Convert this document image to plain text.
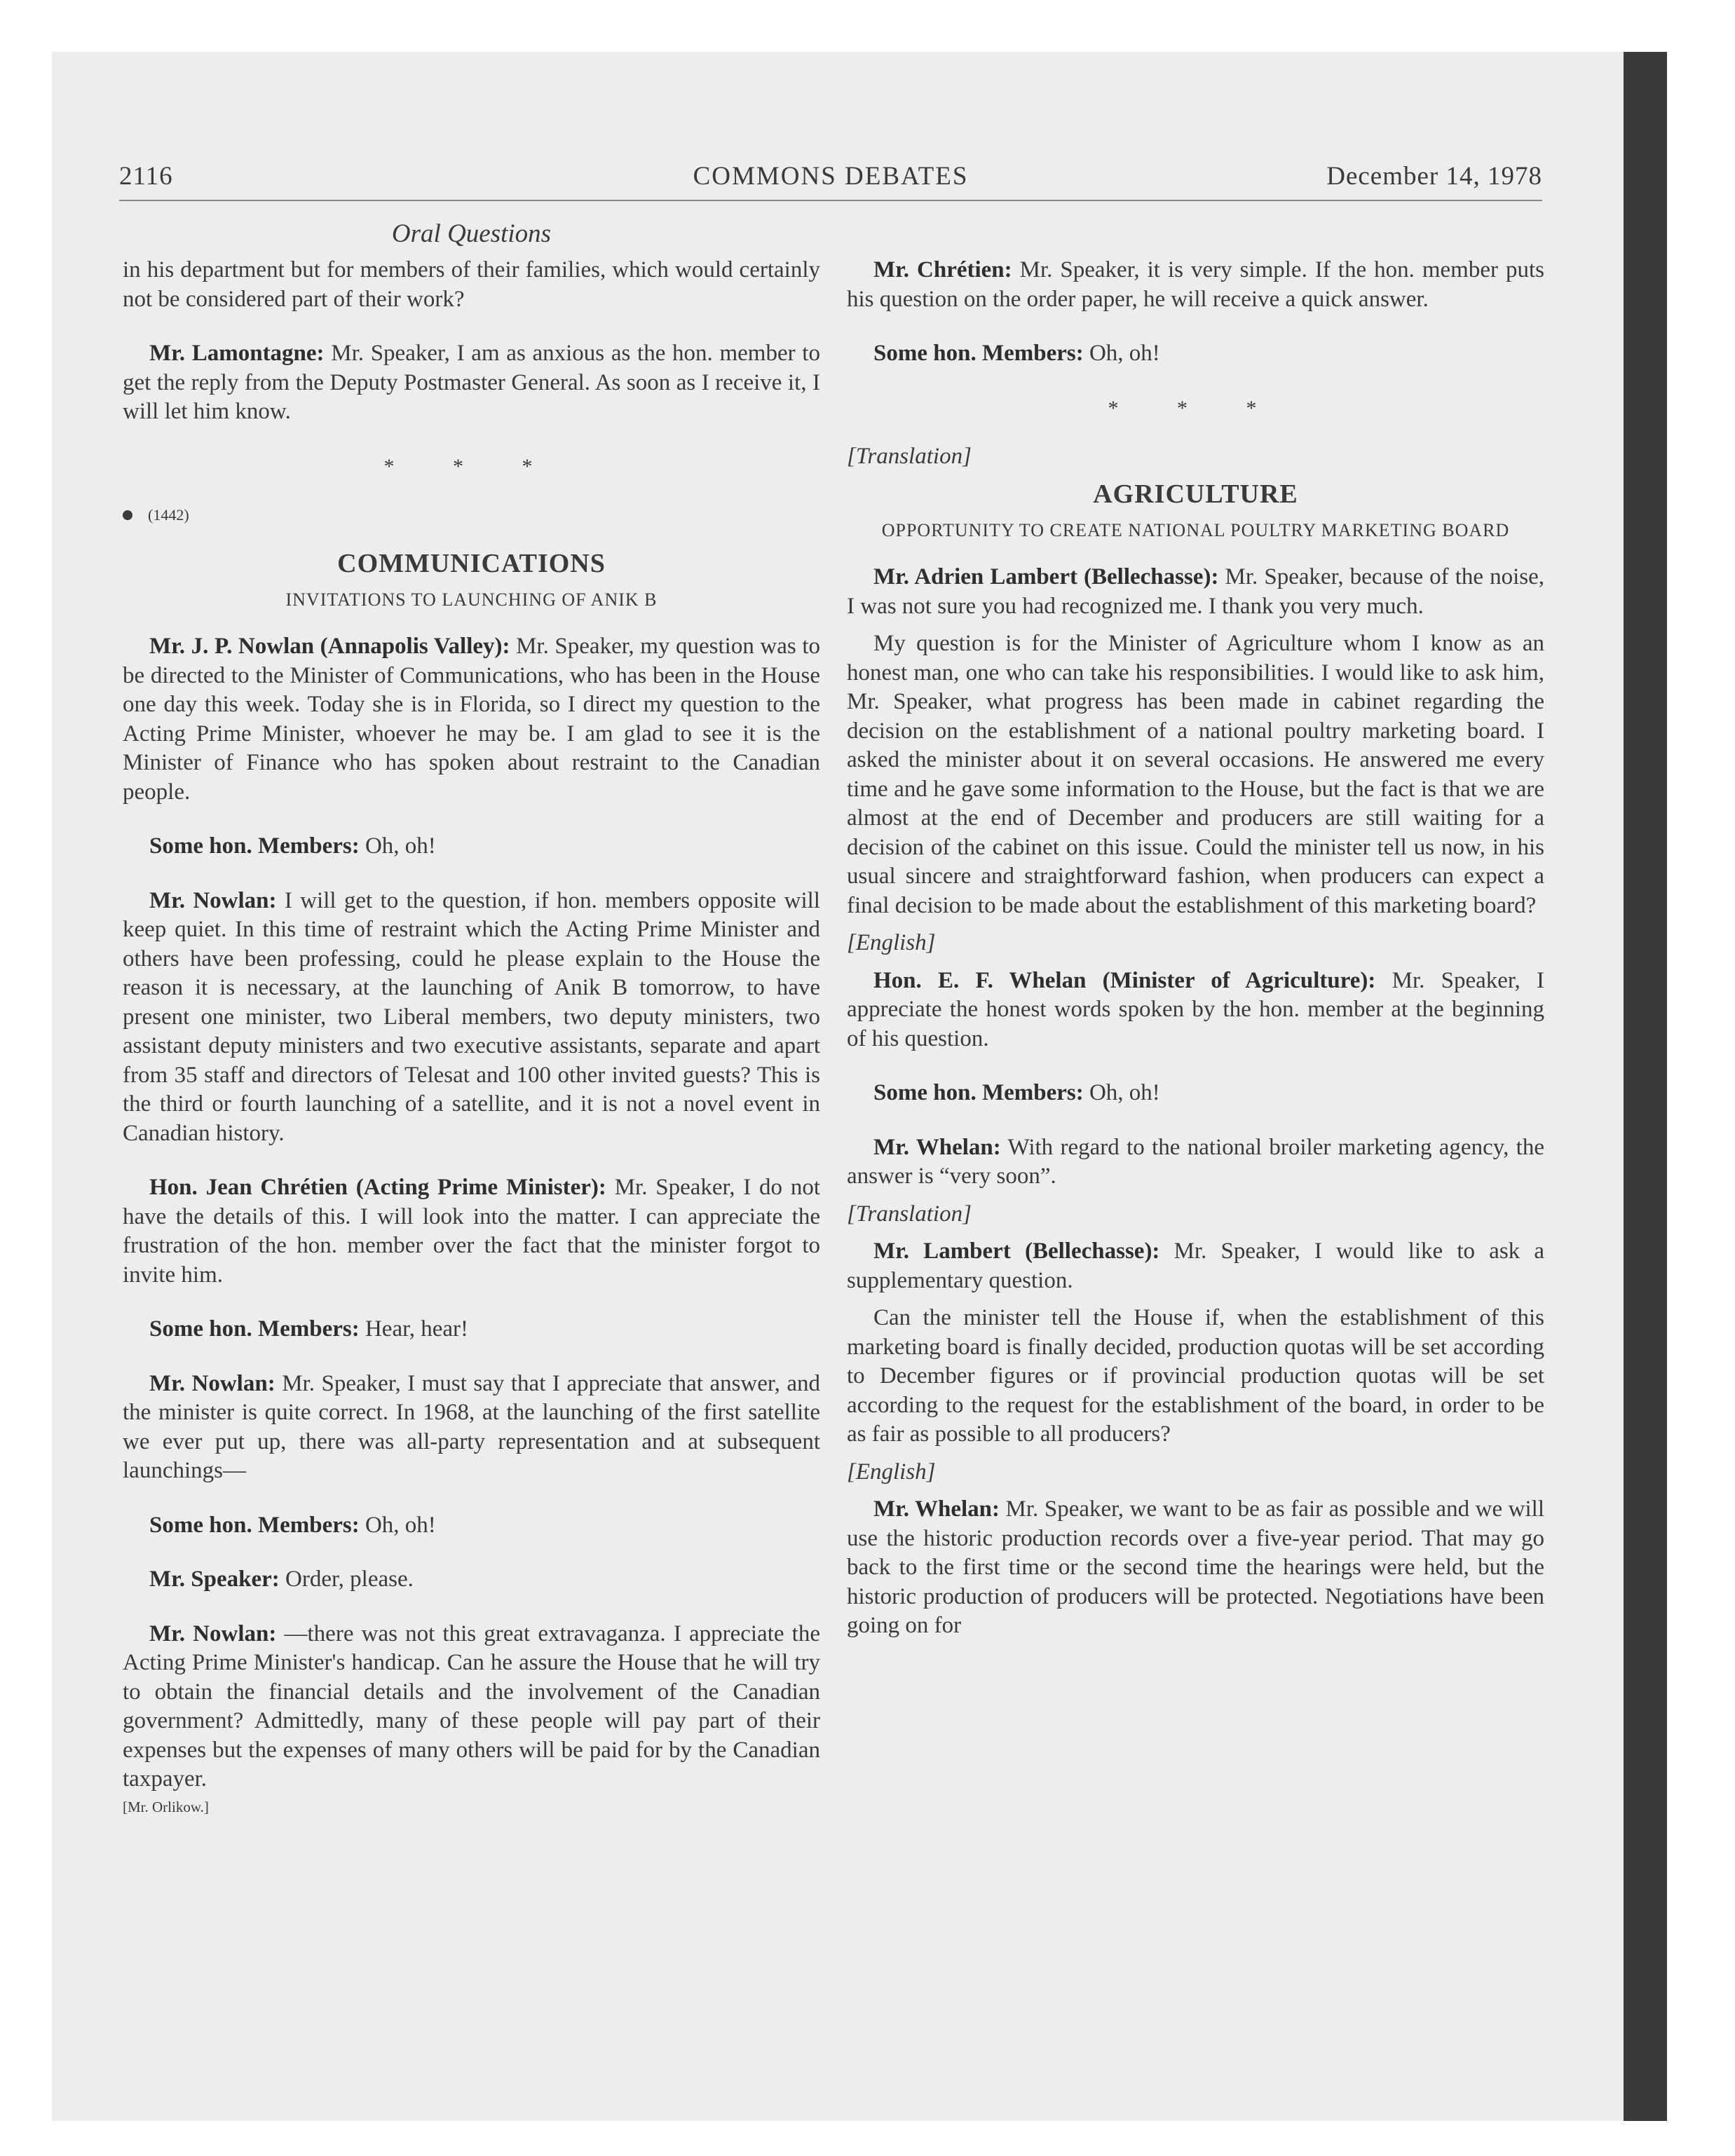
2116	COMMONS DEBATES	December 14, 1978
Oral Questions

in his department but for members of their families, which would certainly not be considered part of their work?

Mr. Lamontagne: Mr. Speaker, I am as anxious as the hon. member to get the reply from the Deputy Postmaster General. As soon as I receive it, I will let him know.

* * *
(1442)
COMMUNICATIONS
INVITATIONS TO LAUNCHING OF ANIK B

Mr. J. P. Nowlan (Annapolis Valley): Mr. Speaker, my question was to be directed to the Minister of Communications, who has been in the House one day this week. Today she is in Florida, so I direct my question to the Acting Prime Minister, whoever he may be. I am glad to see it is the Minister of Finance who has spoken about restraint to the Canadian people.

Some hon. Members: Oh, oh!

Mr. Nowlan: I will get to the question, if hon. members opposite will keep quiet. In this time of restraint which the Acting Prime Minister and others have been professing, could he please explain to the House the reason it is necessary, at the launching of Anik B tomorrow, to have present one minister, two Liberal members, two deputy ministers, two assistant deputy ministers and two executive assistants, separate and apart from 35 staff and directors of Telesat and 100 other invited guests? This is the third or fourth launching of a satellite, and it is not a novel event in Canadian history.

Hon. Jean Chrétien (Acting Prime Minister): Mr. Speaker, I do not have the details of this. I will look into the matter. I can appreciate the frustration of the hon. member over the fact that the minister forgot to invite him.

Some hon. Members: Hear, hear!

Mr. Nowlan: Mr. Speaker, I must say that I appreciate that answer, and the minister is quite correct. In 1968, at the launching of the first satellite we ever put up, there was all-party representation and at subsequent launchings—

Some hon. Members: Oh, oh!

Mr. Speaker: Order, please.

Mr. Nowlan: —there was not this great extravaganza. I appreciate the Acting Prime Minister's handicap. Can he assure the House that he will try to obtain the financial details and the involvement of the Canadian government? Admittedly, many of these people will pay part of their expenses but the expenses of many others will be paid for by the Canadian taxpayer.

[Mr. Orlikow.]

Mr. Chrétien: Mr. Speaker, it is very simple. If the hon. member puts his question on the order paper, he will receive a quick answer.

Some hon. Members: Oh, oh!

* * *
[Translation]
AGRICULTURE
OPPORTUNITY TO CREATE NATIONAL POULTRY MARKETING BOARD

Mr. Adrien Lambert (Bellechasse): Mr. Speaker, because of the noise, I was not sure you had recognized me. I thank you very much.

My question is for the Minister of Agriculture whom I know as an honest man, one who can take his responsibilities. I would like to ask him, Mr. Speaker, what progress has been made in cabinet regarding the decision on the establishment of a national poultry marketing board. I asked the minister about it on several occasions. He answered me every time and he gave some information to the House, but the fact is that we are almost at the end of December and producers are still waiting for a decision of the cabinet on this issue. Could the minister tell us now, in his usual sincere and straightforward fashion, when producers can expect a final decision to be made about the establishment of this marketing board?

[English]

Hon. E. F. Whelan (Minister of Agriculture): Mr. Speaker, I appreciate the honest words spoken by the hon. member at the beginning of his question.

Some hon. Members: Oh, oh!

Mr. Whelan: With regard to the national broiler marketing agency, the answer is “very soon”.

[Translation]

Mr. Lambert (Bellechasse): Mr. Speaker, I would like to ask a supplementary question.

Can the minister tell the House if, when the establishment of this marketing board is finally decided, production quotas will be set according to December figures or if provincial production quotas will be set according to the request for the establishment of the board, in order to be as fair as possible to all producers?

[English]

Mr. Whelan: Mr. Speaker, we want to be as fair as possible and we will use the historic production records over a five-year period. That may go back to the first time or the second time the hearings were held, but the historic production of producers will be protected. Negotiations have been going on for
